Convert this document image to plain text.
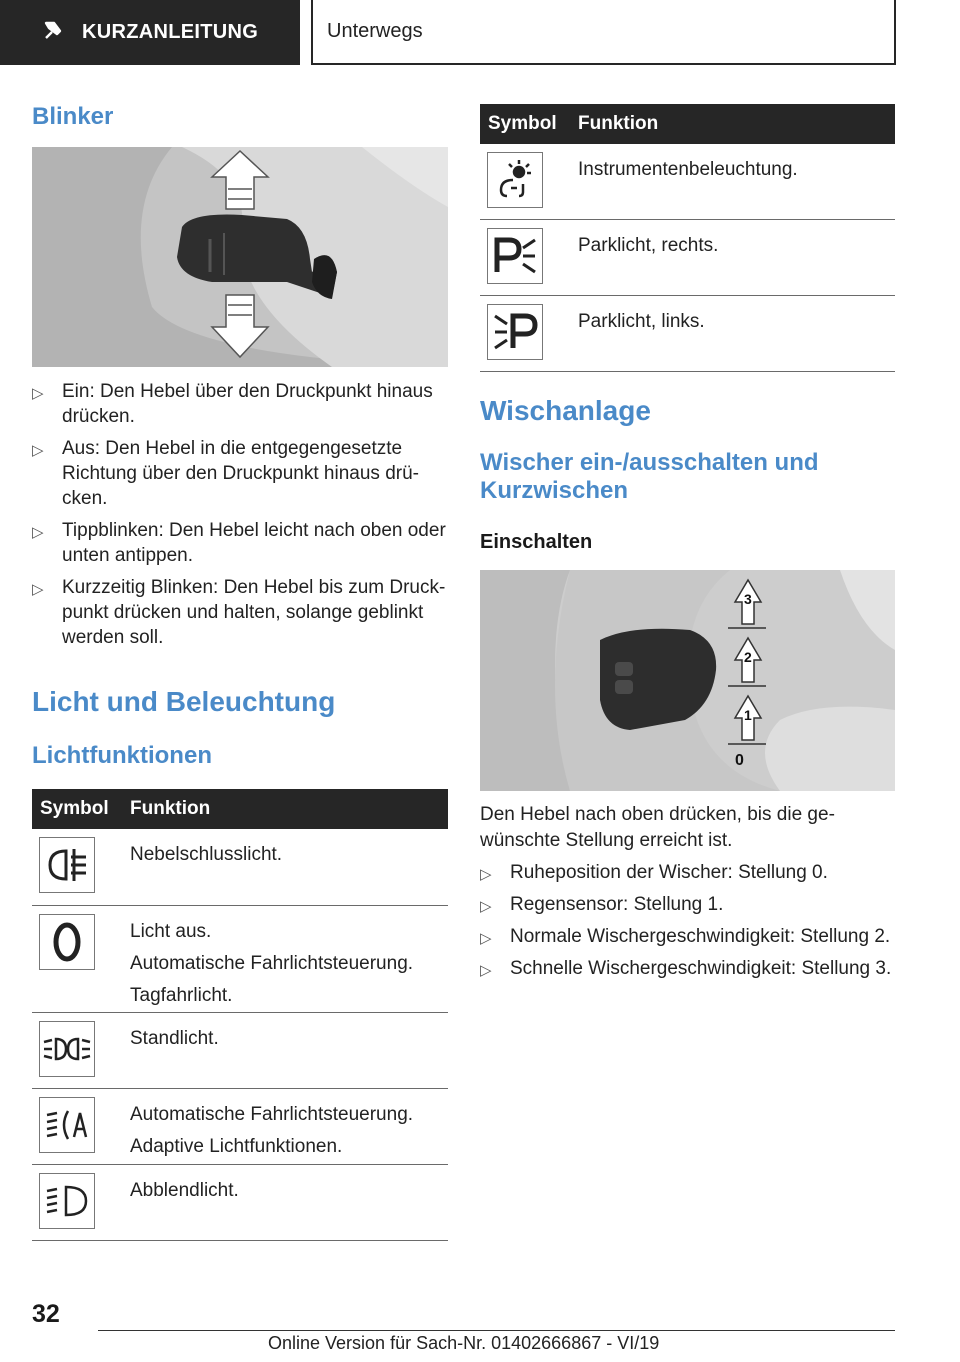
KURZANLEITUNG	Unterwegs
Blinker
▷ Ein: Den Hebel über den Druckpunkt hinaus drücken.
▷ Aus: Den Hebel in die entgegengesetzte Richtung über den Druckpunkt hinaus drü-cken.
▷ Tippblinken: Den Hebel leicht nach oben oder unten antippen.
▷ Kurzzeitig Blinken: Den Hebel bis zum Druck-punkt drücken und halten, solange geblinkt werden soll.
Licht und Beleuchtung
Lichtfunktionen
Symbol	Funktion

Nebelschlusslicht.

Licht aus.
Automatische Fahrlichtsteuerung.
Tagfahrlicht.

Standlicht.

Automatische Fahrlichtsteuerung.
Adaptive Lichtfunktionen.

Abblendlicht.
Symbol	Funktion

Instrumentenbeleuchtung.

Parklicht, rechts.

Parklicht, links.
Wischanlage
Wischer ein-/ausschalten und
Kurzwischen
Einschalten
3
2
1
0
Den Hebel nach oben drücken, bis die ge-
wünschte Stellung erreicht ist.
▷ Ruheposition der Wischer: Stellung 0.
▷ Regensensor: Stellung 1.
▷ Normale Wischergeschwindigkeit: Stellung 2.
▷ Schnelle Wischergeschwindigkeit: Stellung 3.
32
Online Version für Sach-Nr. 01402666867 - VI/19
